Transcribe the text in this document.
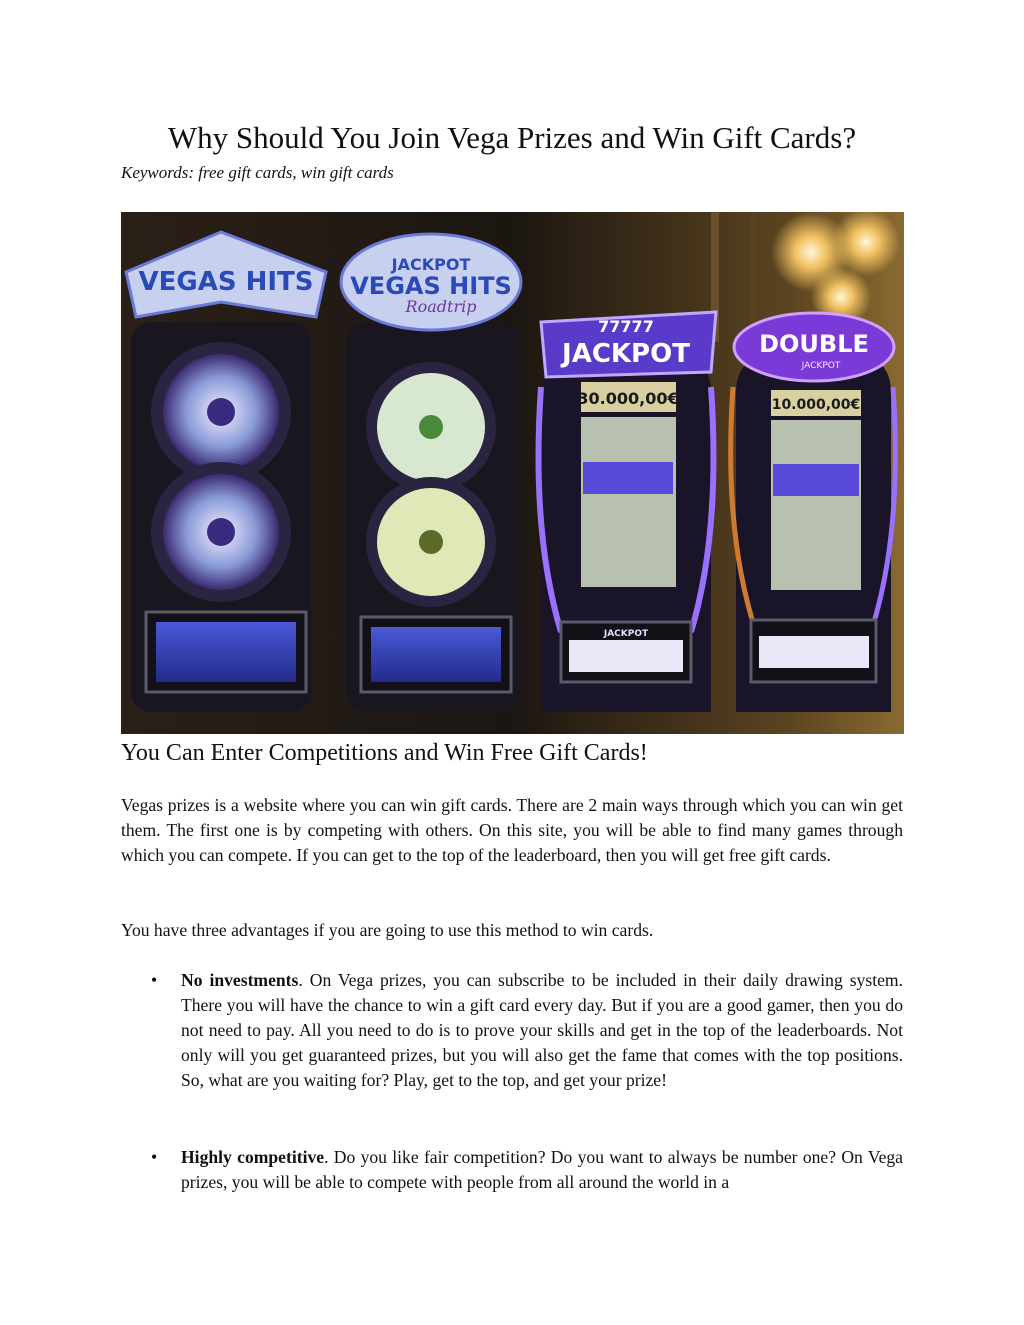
Why Should You Join Vega Prizes and Win Gift Cards?
Keywords: free gift cards, win gift cards
VEGAS HITS
JACKPOT
VEGAS HITS
Roadtrip
77777
JACKPOT
30.000,00€
JACKPOT
DOUBLE
JACKPOT
10.000,00€
You Can Enter Competitions and Win Free Gift Cards!

Vegas prizes is a website where you can win gift cards. There are 2 main ways through which you can win get them. The first one is by competing with others. On this site, you will be able to find many games through which you can compete. If you can get to the top of the leaderboard, then you will get free gift cards.

You have three advantages if you are going to use this method to win cards.

• No investments. On Vega prizes, you can subscribe to be included in their daily drawing system. There you will have the chance to win a gift card every day. But if you are a good gamer, then you do not need to pay. All you need to do is to prove your skills and get in the top of the leaderboards. Not only will you get guaranteed prizes, but you will also get the fame that comes with the top positions. So, what are you waiting for? Play, get to the top, and get your prize!
• Highly competitive. Do you like fair competition? Do you want to always be number one? On Vega prizes, you will be able to compete with people from all around the world in a
